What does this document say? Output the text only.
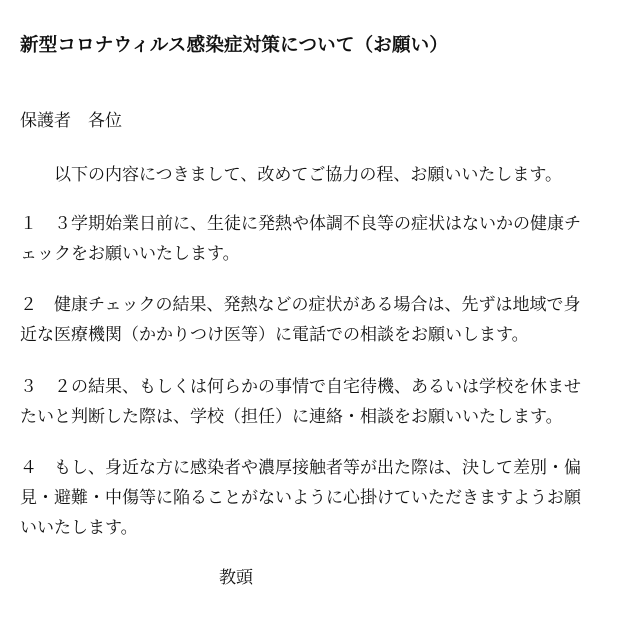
新型コロナウィルス感染症対策について（お願い）
保護者　各位
　以下の内容につきまして、改めてご協力の程、お願いいたします。
１　３学期始業日前に、生徒に発熱や体調不良等の症状はないかの健康チ
ェックをお願いいたします。
２　健康チェックの結果、発熱などの症状がある場合は、先ずは地域で身
近な医療機関（かかりつけ医等）に電話での相談をお願いします。
３　２の結果、もしくは何らかの事情で自宅待機、あるいは学校を休ませ
たいと判断した際は、学校（担任）に連絡・相談をお願いいたします。
４　もし、身近な方に感染者や濃厚接触者等が出た際は、決して差別・偏
見・避難・中傷等に陥ることがないように心掛けていただきますようお願
いいたします。
教頭
